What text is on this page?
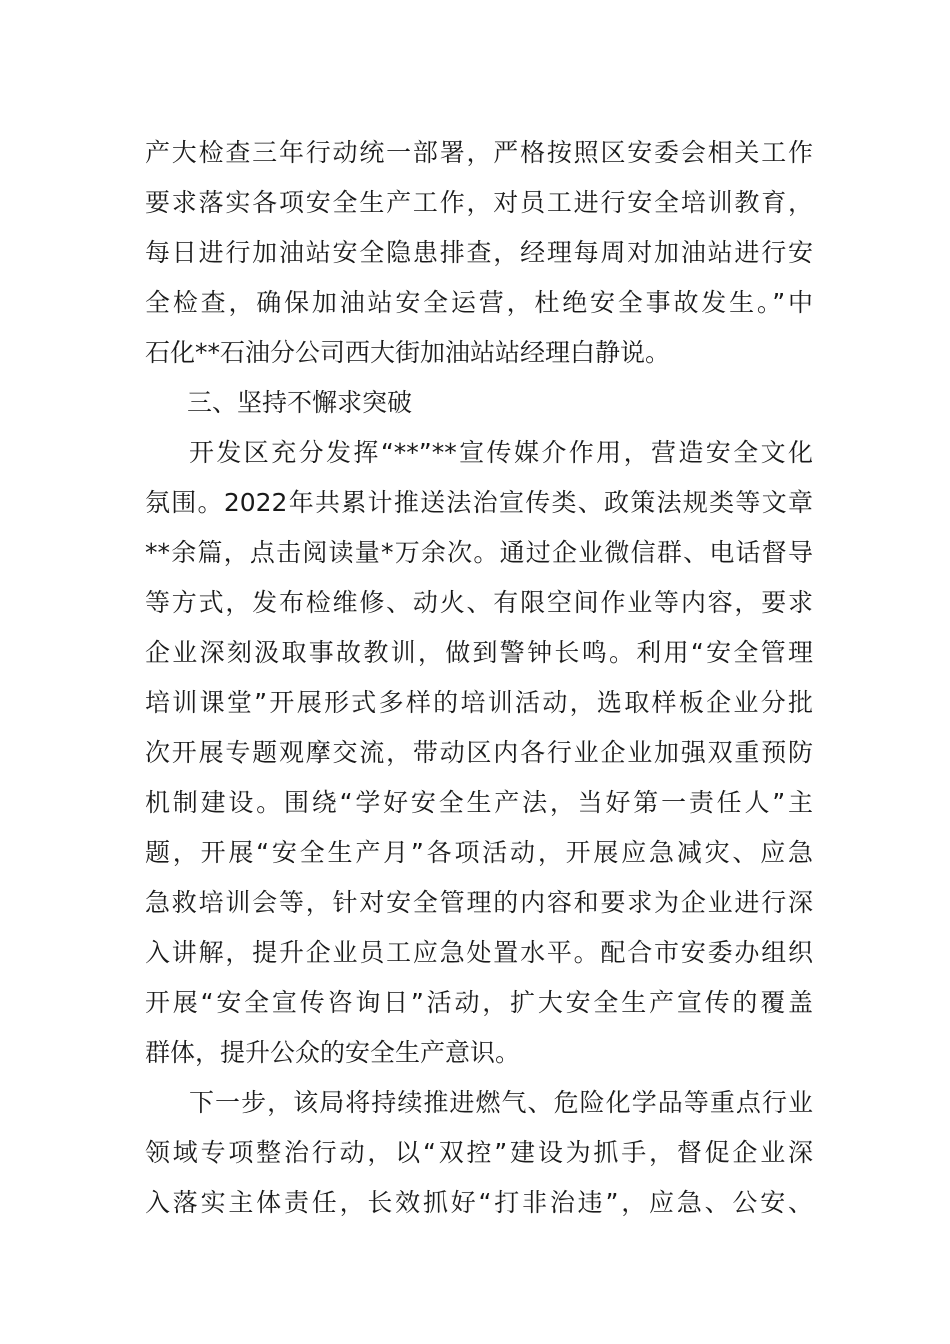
产大检查三年行动统一部署，严格按照区安委会相关工作
要求落实各项安全生产工作，对员工进行安全培训教育，
每日进行加油站安全隐患排查，经理每周对加油站进行安
全检查，确保加油站安全运营，杜绝安全事故发生。”中
石化**石油分公司西大街加油站站经理白静说。
三、坚持不懈求突破
开发区充分发挥“**”**宣传媒介作用，营造安全文化
氛围。2022年共累计推送法治宣传类、政策法规类等文章
**余篇，点击阅读量*万余次。通过企业微信群、电话督导
等方式，发布检维修、动火、有限空间作业等内容，要求
企业深刻汲取事故教训，做到警钟长鸣。利用“安全管理
培训课堂”开展形式多样的培训活动，选取样板企业分批
次开展专题观摩交流，带动区内各行业企业加强双重预防
机制建设。围绕“学好安全生产法，当好第一责任人”主
题，开展“安全生产月”各项活动，开展应急减灾、应急
急救培训会等，针对安全管理的内容和要求为企业进行深
入讲解，提升企业员工应急处置水平。配合市安委办组织
开展“安全宣传咨询日”活动，扩大安全生产宣传的覆盖
群体，提升公众的安全生产意识。
下一步，该局将持续推进燃气、危险化学品等重点行业
领域专项整治行动，以“双控”建设为抓手，督促企业深
入落实主体责任，长效抓好“打非治违”，应急、公安、
